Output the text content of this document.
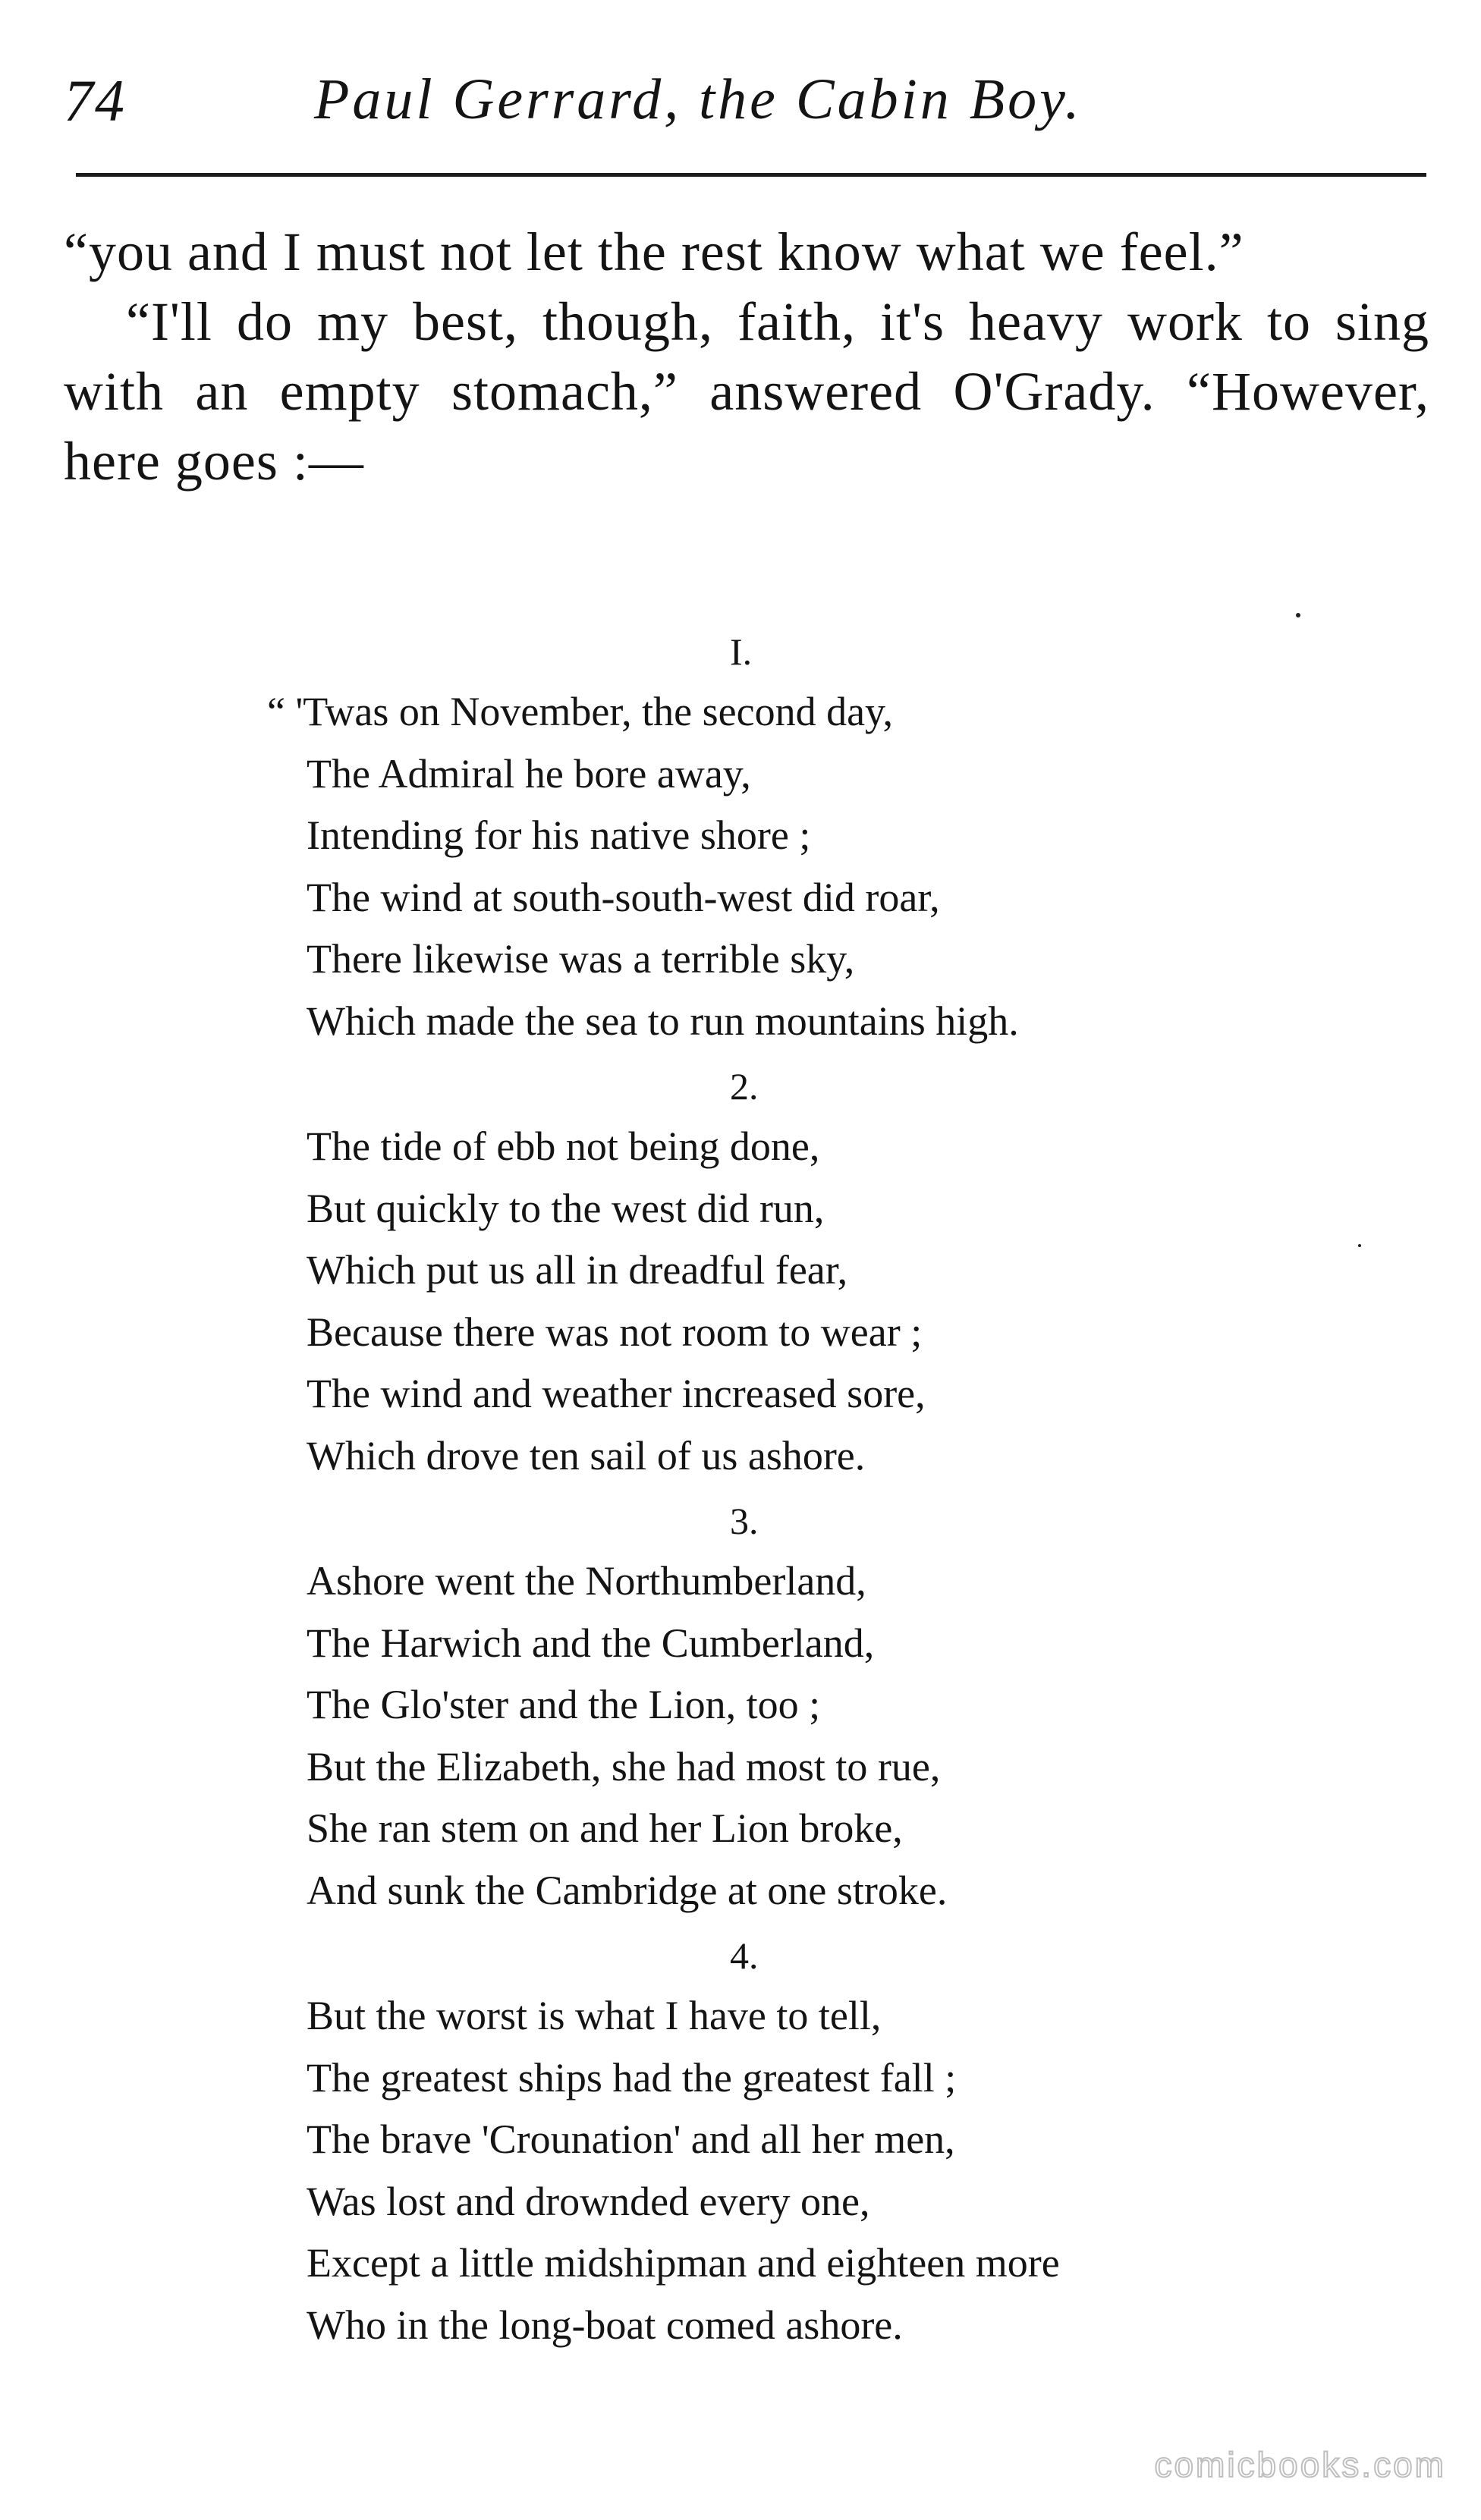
74	Paul Gerrard, the Cabin Boy.

“you and I must not let the rest know what we feel.”

“I'll do my best, though, faith, it's heavy work to sing with an empty stomach,” answered O'Grady. “However, here goes :—

I.
“ 'Twas on November, the second day,
The Admiral he bore away,
Intending for his native shore ;
The wind at south-south-west did roar,
There likewise was a terrible sky,
Which made the sea to run mountains high.
2.
The tide of ebb not being done,
But quickly to the west did run,
Which put us all in dreadful fear,
Because there was not room to wear ;
The wind and weather increased sore,
Which drove ten sail of us ashore.
3.
Ashore went the Northumberland,
The Harwich and the Cumberland,
The Glo'ster and the Lion, too ;
But the Elizabeth, she had most to rue,
She ran stem on and her Lion broke,
And sunk the Cambridge at one stroke.
4.
But the worst is what I have to tell,
The greatest ships had the greatest fall ;
The brave 'Crounation' and all her men,
Was lost and drownded every one,
Except a little midshipman and eighteen more
Who in the long-boat comed ashore.
comicbooks.com
